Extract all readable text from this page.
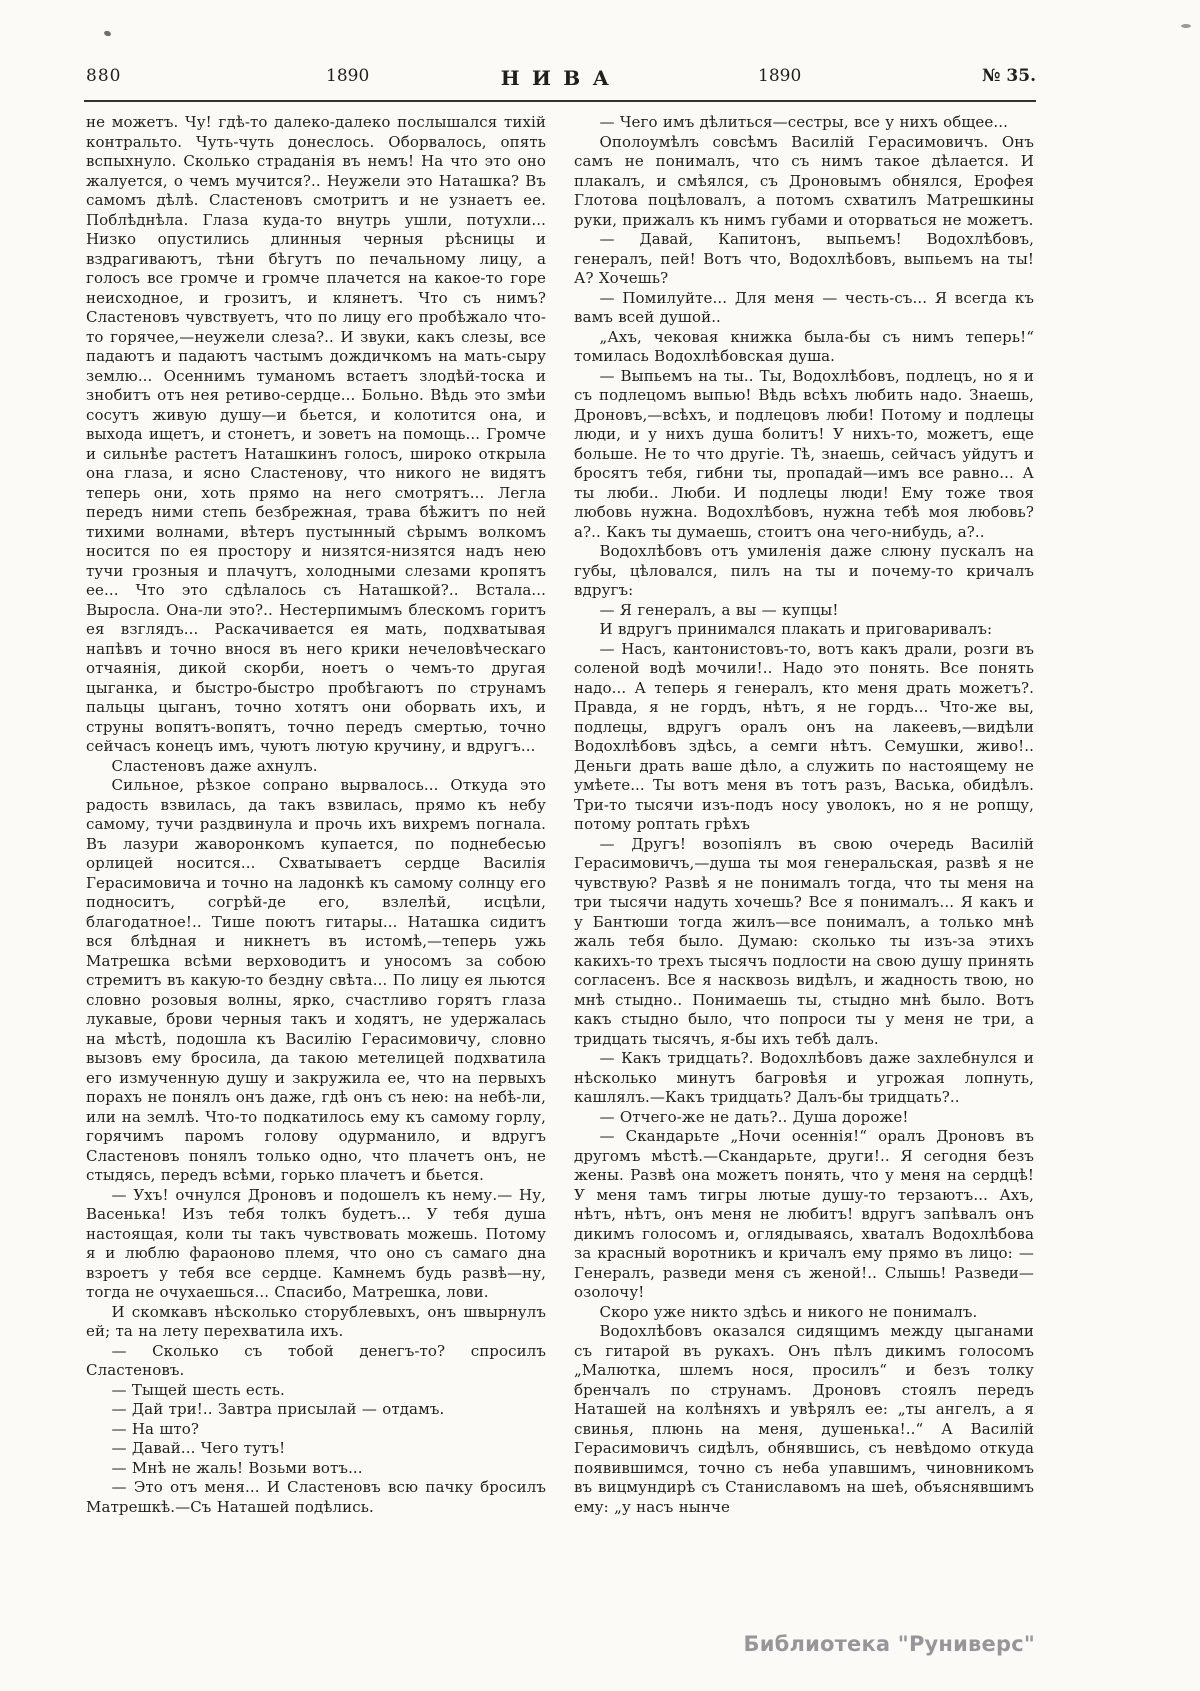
880	1890	НИВА	1890	№ 35.

не можетъ. Чу! гдѣ-то далеко-далеко послышался тихій контральто. Чуть-чуть донеслось. Оборвалось, опять вспыхнуло. Сколько страданія въ немъ! На что это оно жалуется, о чемъ мучится?.. Неужели это Наташка? Въ самомъ дѣлѣ. Сластеновъ смотритъ и не узнаетъ ее. Поблѣднѣла. Глаза куда-то внутрь ушли, потухли... Низко опустились длинныя черныя рѣсницы и вздрагиваютъ, тѣни бѣгутъ по печальному лицу, а голосъ все громче и громче плачется на какое-то горе неисходное, и грозитъ, и клянетъ. Что съ нимъ? Сластеновъ чувствуетъ, что по лицу его пробѣжало что-то горячее,—неужели слеза?.. И звуки, какъ слезы, все падаютъ и падаютъ частымъ дождичкомъ на мать-сыру землю... Осеннимъ туманомъ встаетъ злодѣй-тоска и знобитъ отъ нея ретиво-сердце... Больно. Вѣдь это змѣи сосутъ живую душу—и бьется, и колотится она, и выхода ищетъ, и стонетъ, и зоветъ на помощь... Громче и сильнѣе растетъ Наташкинъ голосъ, широко открыла она глаза, и ясно Сластенову, что никого не видятъ теперь они, хоть прямо на него смотрятъ... Легла передъ ними степь безбрежная, трава бѣжитъ по ней тихими волнами, вѣтеръ пустынный сѣрымъ волкомъ носится по ея простору и низятся-низятся надъ нею тучи грозныя и плачутъ, холодными слезами кропятъ ее... Что это сдѣлалось съ Наташкой?.. Встала... Выросла. Она-ли это?.. Нестерпимымъ блескомъ горитъ ея взглядъ... Раскачивается ея мать, подхватывая напѣвъ и точно внося въ него крики нечеловѣческаго отчаянія, дикой скорби, ноетъ о чемъ-то другая цыганка, и быстро-быстро пробѣгаютъ по струнамъ пальцы цыганъ, точно хотятъ они оборвать ихъ, и струны вопятъ-вопятъ, точно передъ смертью, точно сейчасъ конецъ имъ, чуютъ лютую кручину, и вдругъ...

Сластеновъ даже ахнулъ.

Сильное, рѣзкое сопрано вырвалось... Откуда это радость взвилась, да такъ взвилась, прямо къ небу самому, тучи раздвинула и прочь ихъ вихремъ погнала. Въ лазури жаворонкомъ купается, по поднебесью орлицей носится... Схватываетъ сердце Василія Герасимовича и точно на ладонкѣ къ самому солнцу его подноситъ, согрѣй-де его, взлелѣй, исцѣли, благодатное!.. Тише поютъ гитары... Наташка сидитъ вся блѣдная и никнетъ въ истомѣ,—теперь ужь Матрешка всѣми верховодитъ и уносомъ за собою стремитъ въ какую-то бездну свѣта... По лицу ея льются словно розовыя волны, ярко, счастливо горятъ глаза лукавые, брови черныя такъ и ходятъ, не удержалась на мѣстѣ, подошла къ Василію Герасимовичу, словно вызовъ ему бросила, да такою метелицей подхватила его измученную душу и закружила ее, что на первыхъ порахъ не понялъ онъ даже, гдѣ онъ съ нею: на небѣ-ли, или на землѣ. Что-то подкатилось ему къ самому горлу, горячимъ паромъ голову одурманило, и вдругъ Сластеновъ понялъ только одно, что плачетъ онъ, не стыдясь, передъ всѣми, горько плачетъ и бьется.

— Ухъ! очнулся Дроновъ и подошелъ къ нему.— Ну, Васенька! Изъ тебя толкъ будетъ... У тебя душа настоящая, коли ты такъ чувствовать можешь. Потому я и люблю фараоново племя, что оно съ самаго дна взроетъ у тебя все сердце. Камнемъ будь развѣ—ну, тогда не очухаешься... Спасибо, Матрешка, лови.

И скомкавъ нѣсколько сторублевыхъ, онъ швырнулъ ей; та на лету перехватила ихъ.

— Сколько съ тобой денегъ-то? спросилъ Сластеновъ.

— Тыщей шесть есть.

— Дай три!.. Завтра присылай — отдамъ.

— На што?

— Давай... Чего тутъ!

— Мнѣ не жаль! Возьми вотъ...

— Это отъ меня... И Сластеновъ всю пачку бросилъ Матрешкѣ.—Съ Наташей подѣлись.

— Чего имъ дѣлиться—сестры, все у нихъ общее...

Ополоумѣлъ совсѣмъ Василій Герасимовичъ. Онъ самъ не понималъ, что съ нимъ такое дѣлается. И плакалъ, и смѣялся, съ Дроновымъ обнялся, Ерофея Глотова поцѣловалъ, а потомъ схватилъ Матрешкины руки, прижалъ къ нимъ губами и оторваться не можетъ.

— Давай, Капитонъ, выпьемъ! Водохлѣбовъ, генералъ, пей! Вотъ что, Водохлѣбовъ, выпьемъ на ты! А? Хочешь?

— Помилуйте... Для меня — честь-съ... Я всегда къ вамъ всей душой..

„Ахъ, чековая книжка была-бы съ нимъ теперь!“ томилась Водохлѣбовская душа.

— Выпьемъ на ты.. Ты, Водохлѣбовъ, подлецъ, но я и съ подлецомъ выпью! Вѣдь всѣхъ любить надо. Знаешь, Дроновъ,—всѣхъ, и подлецовъ люби! Потому и подлецы люди, и у нихъ душа болитъ! У нихъ-то, можетъ, еще больше. Не то что другіе. Тѣ, знаешь, сейчасъ уйдутъ и бросятъ тебя, гибни ты, пропадай—имъ все равно... А ты люби.. Люби. И подлецы люди! Ему тоже твоя любовь нужна. Водохлѣбовъ, нужна тебѣ моя любовь? а?.. Какъ ты думаешь, стоитъ она чего-нибудь, а?..

Водохлѣбовъ отъ умиленія даже слюну пускалъ на губы, цѣловался, пилъ на ты и почему-то кричалъ вдругъ:

— Я генералъ, а вы — купцы!

И вдругъ принимался плакать и приговаривалъ:

— Насъ, кантонистовъ-то, вотъ какъ драли, розги въ соленой водѣ мочили!.. Надо это понять. Все понять надо... А теперь я генералъ, кто меня драть можетъ?. Правда, я не гордъ, нѣтъ, я не гордъ... Что-же вы, подлецы, вдругъ оралъ онъ на лакеевъ,—видѣли Водохлѣбовъ здѣсь, а семги нѣтъ. Семушки, живо!.. Деньги драть ваше дѣло, а служить по настоящему не умѣете... Ты вотъ меня въ тотъ разъ, Васька, обидѣлъ. Три-то тысячи изъ-подъ носу уволокъ, но я не ропщу, потому роптать грѣхъ

— Другъ! возопіялъ въ свою очередь Василій Герасимовичъ,—душа ты моя генеральская, развѣ я не чувствую? Развѣ я не понималъ тогда, что ты меня на три тысячи надуть хочешь? Все я понималъ... Я какъ и у Бантюши тогда жилъ—все понималъ, а только мнѣ жаль тебя было. Думаю: сколько ты изъ-за этихъ какихъ-то трехъ тысячъ подлости на свою душу принять согласенъ. Все я насквозь видѣлъ, и жадность твою, но мнѣ стыдно.. Понимаешь ты, стыдно мнѣ было. Вотъ какъ стыдно было, что попроси ты у меня не три, а тридцать тысячъ, я-бы ихъ тебѣ далъ.

— Какъ тридцать?. Водохлѣбовъ даже захлебнулся и нѣсколько минутъ багровѣя и угрожая лопнуть, кашлялъ.—Какъ тридцать? Далъ-бы тридцать?..

— Отчего-же не дать?.. Душа дороже!

— Скандарьте „Ночи осеннія!“ оралъ Дроновъ въ другомъ мѣстѣ.—Скандарьте, други!.. Я сегодня безъ жены. Развѣ она можетъ понять, что у меня на сердцѣ! У меня тамъ тигры лютые душу-то терзаютъ... Ахъ, нѣтъ, нѣтъ, онъ меня не любитъ! вдругъ запѣвалъ онъ дикимъ голосомъ и, оглядываясь, хваталъ Водохлѣбова за красный воротникъ и кричалъ ему прямо въ лицо: — Генералъ, разведи меня съ женой!.. Слышь! Разведи—озолочу!

Скоро уже никто здѣсь и никого не понималъ.

Водохлѣбовъ оказался сидящимъ между цыганами съ гитарой въ рукахъ. Онъ пѣлъ дикимъ голосомъ „Малютка, шлемъ нося, просилъ“ и безъ толку бренчалъ по струнамъ. Дроновъ стоялъ передъ Наташей на колѣняхъ и увѣрялъ ее: „ты ангелъ, а я свинья, плюнь на меня, душенька!..“ А Василій Герасимовичъ сидѣлъ, обнявшись, съ невѣдомо откуда появившимся, точно съ неба упавшимъ, чиновникомъ въ вицмундирѣ съ Станиславомъ на шеѣ, объяснявшимъ ему: „у насъ нынче

Библиотека "Руниверс"
